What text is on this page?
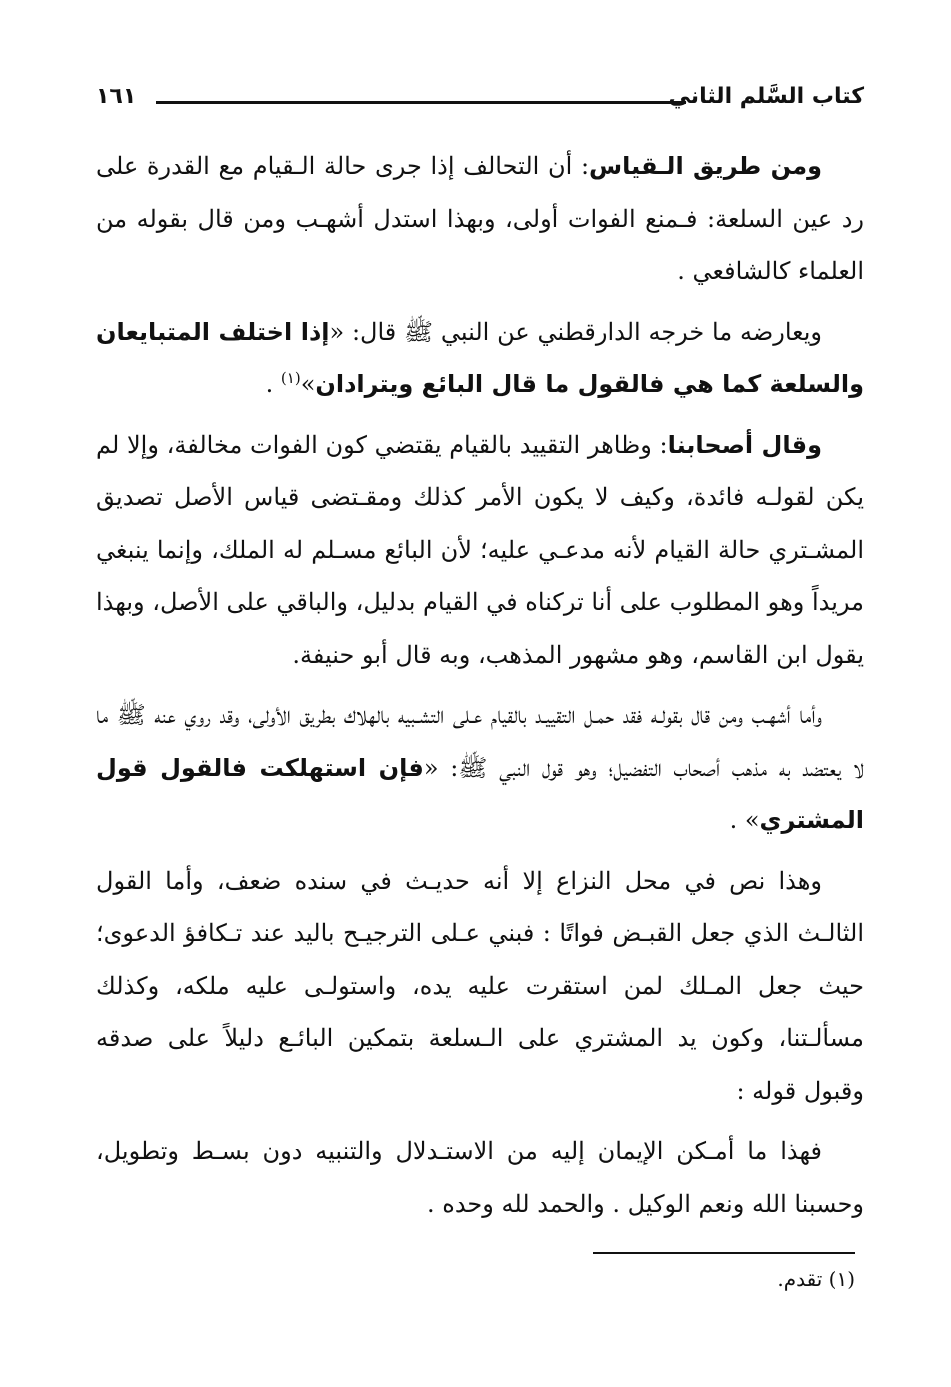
كتاب السَّلم الثاني
١٦١

ومن طريق الـقياس: أن التحالف إذا جرى حالة الـقيام مع القدرة على رد عين السلعة: فـمنع الفوات أولى، وبهذا استدل أشهـب ومن قال بقوله من العلماء كالشافعي .

ويعارضه ما خرجه الدارقطني عن النبي ﷺ قال: «إذا اختلف المتبايعان والسلعة كما هي فالقول ما قال البائع ويترادان»$^{(١)}$ .

وقال أصحابنا: وظاهر التقييد بالقيام يقتضي كون الفوات مخالفة، وإلا لم يكن لقولـه فائدة، وكيف لا يكون الأمر كذلك ومقـتضى قياس الأصل تصديق المشـتري حالة القيام لأنه مدعـي عليه؛ لأن البائع مسـلم له الملك، وإنما ينبغي مريداً وهو المطلوب على أنا تركناه في القيام بدليل، والباقي على الأصل، وبهذا يقول ابن القاسم، وهو مشهور المذهب، وبه قال أبو حنيفة.

وأما أشهـب ومن قال بقولـه فقد حمـل التقييـد بالقيام عـلى التشـبيه بالهلاك بطريق الأولى، وقد روي عنه ﷺ ما لا يعتضد به مذهب أصحاب التفضيل؛ وهو قول النبي ﷺ: «فإن استهلكت فالقول قول المشتري» .

وهذا نص في محل النزاع إلا أنه حديـث في سنده ضعف، وأما القول الثالـث الذي جعل القبـض فواتًا : فبني عـلى الترجيـح باليد عند تـكافؤ الدعوى؛ حيث جعل المـلك لمن استقرت عليه يده، واستولـى عليه ملكه، وكذلك مسألـتنا، وكون يد المشتري على الـسلعة بتمكين البائـع دليلاً على صدقه وقبول قوله :

فهذا ما أمـكن الإيمان إليه من الاستـدلال والتنبيه دون بسـط وتطويل، وحسبنا الله ونعم الوكيل . والحمد لله وحده .

(١) تقدم.
